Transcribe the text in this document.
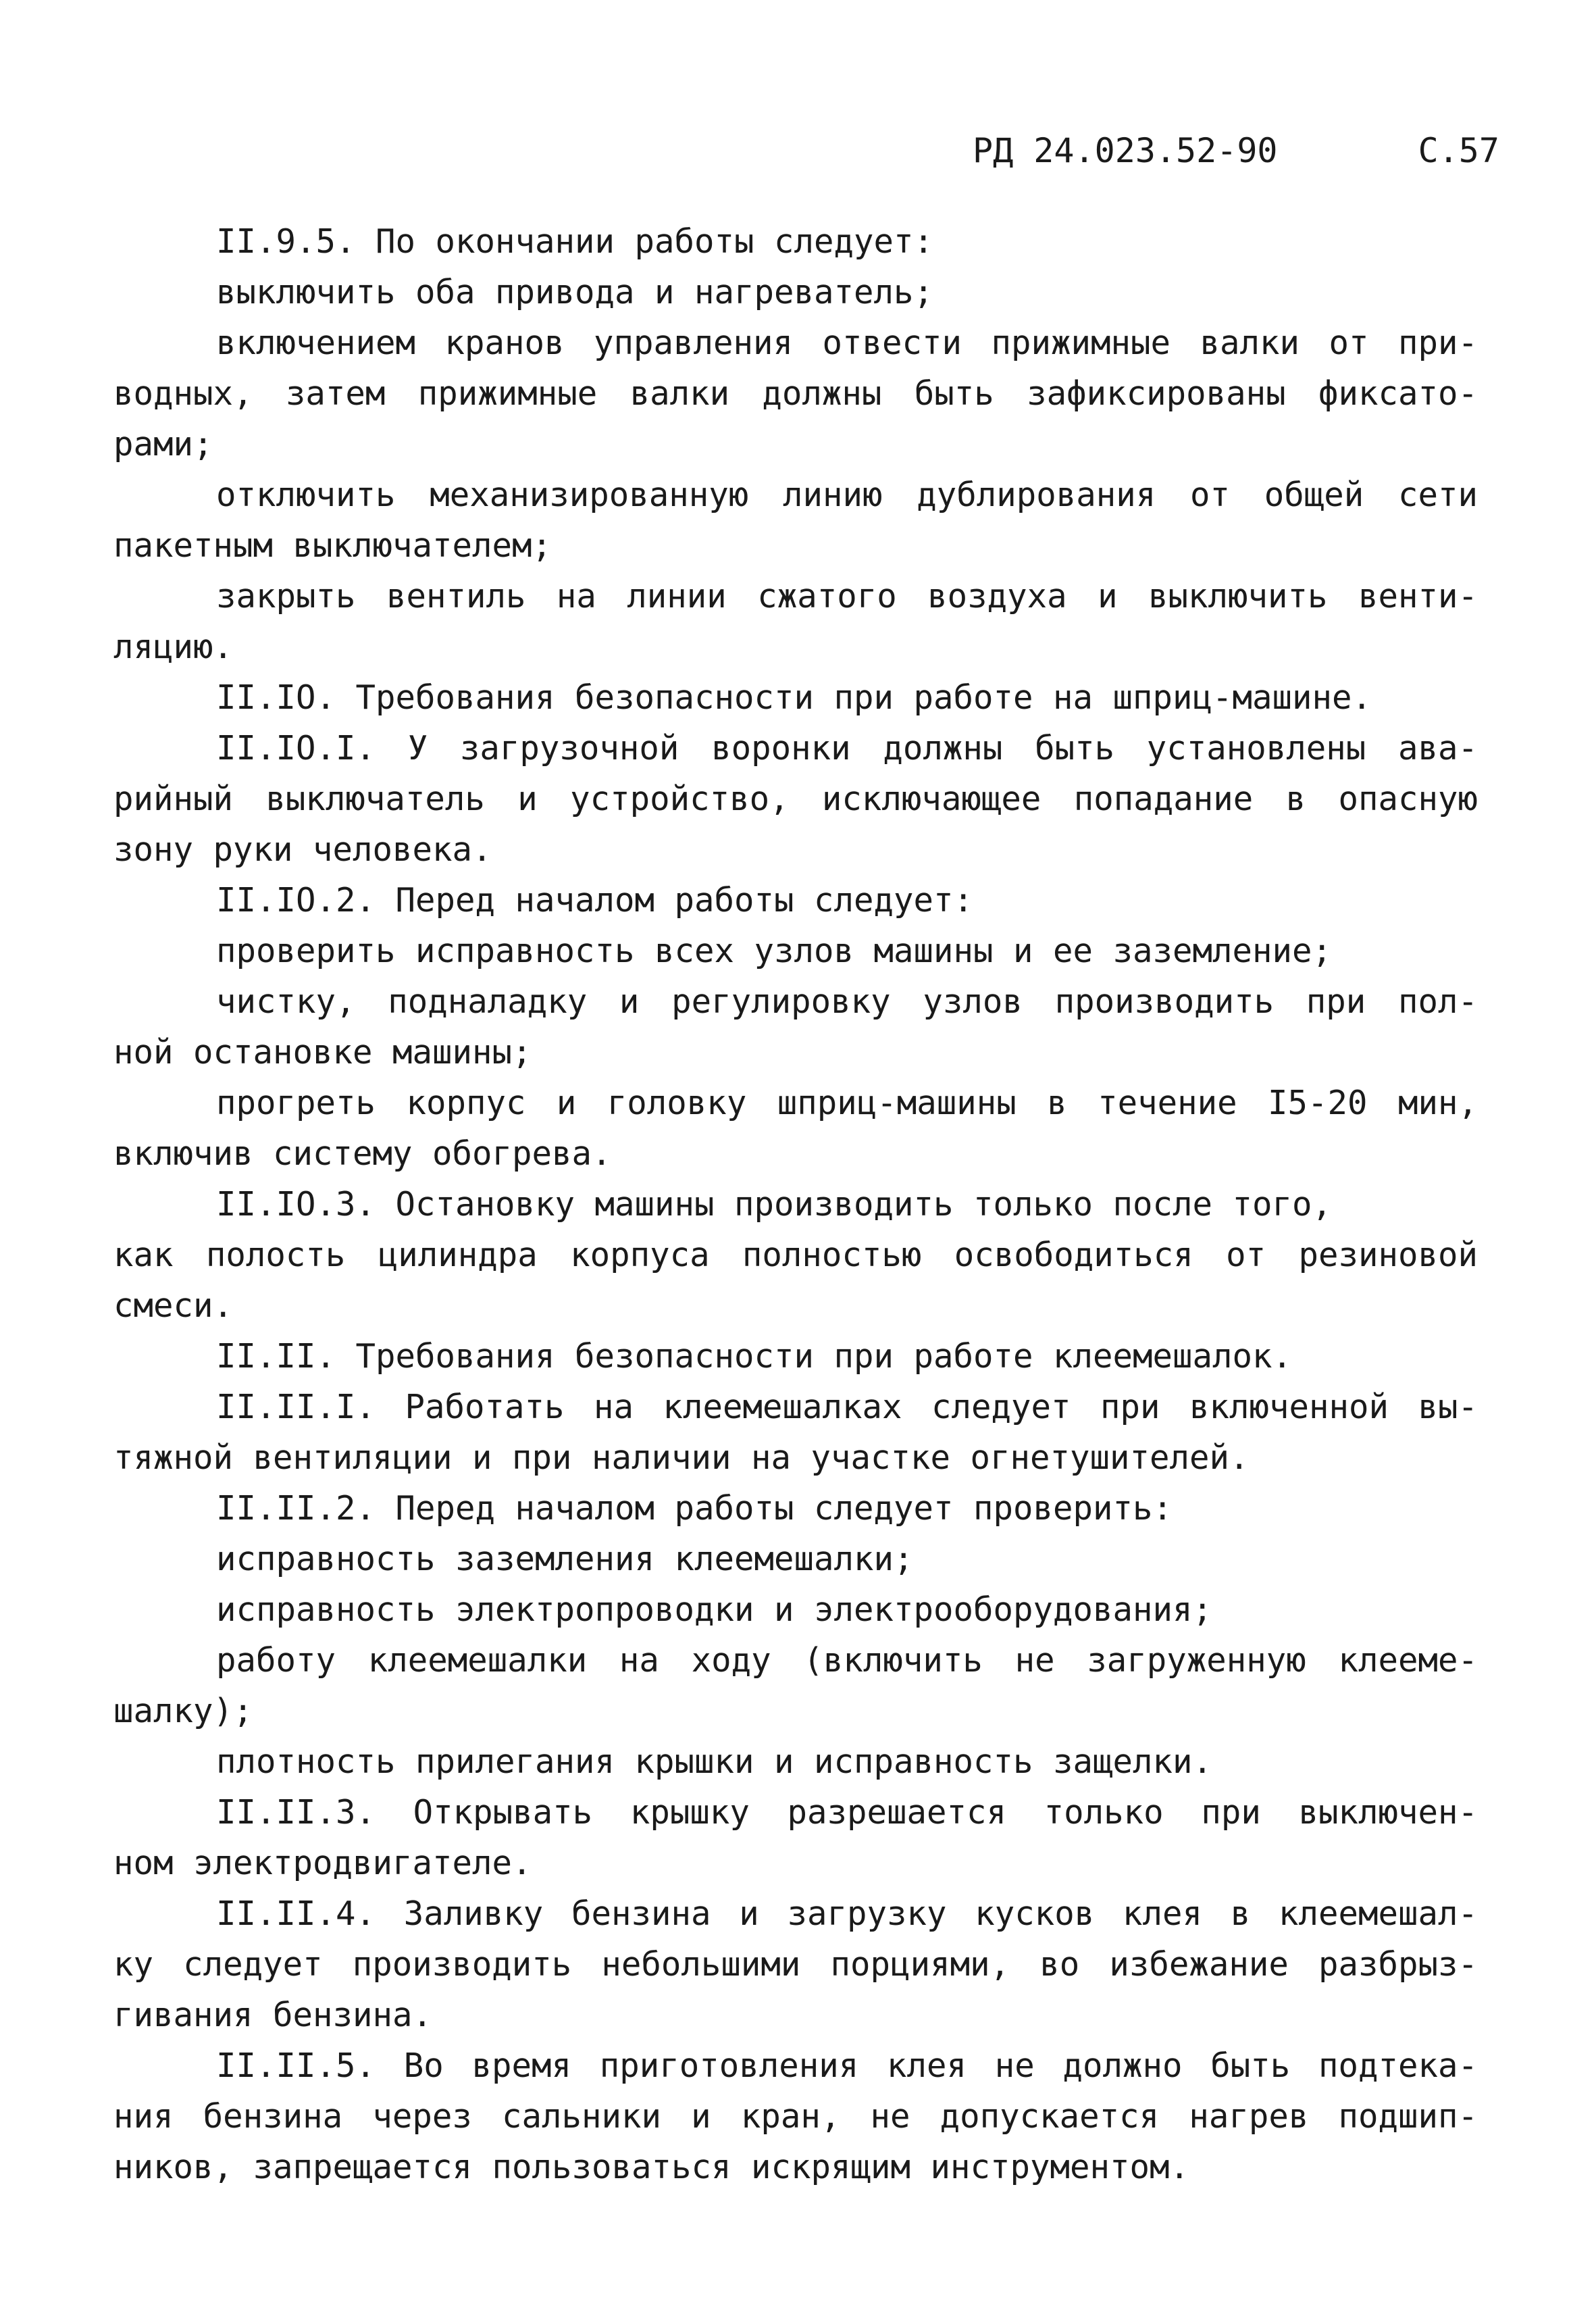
РД 24.023.52-90	С.57
II.9.5. По окончании работы следует:
выключить оба привода и нагреватель;
включением кранов управления отвести прижимные валки от при-
водных, затем прижимные валки должны быть зафиксированы фиксато-
рами;
отключить механизированную линию дублирования от общей сети
пакетным выключателем;
закрыть вентиль на линии сжатого воздуха и выключить венти-
ляцию.
II.IO. Требования безопасности при работе на шприц-машине.
II.IO.I. У загрузочной воронки должны быть установлены ава-
рийный выключатель и устройство, исключающее попадание в опасную
зону руки человека.
II.IO.2. Перед началом работы следует:
проверить исправность всех узлов машины и ее заземление;
чистку, подналадку и регулировку узлов производить при пол-
ной остановке машины;
прогреть корпус и головку шприц-машины в течение I5-20 мин,
включив систему обогрева.
II.IO.3. Остановку машины производить только после того,
как полость цилиндра корпуса полностью освободиться от резиновой
смеси.
II.II. Требования безопасности при работе клеемешалок.
II.II.I. Работать на клеемешалках следует при включенной вы-
тяжной вентиляции и при наличии на участке огнетушителей.
II.II.2. Перед началом работы следует проверить:
исправность заземления клеемешалки;
исправность электропроводки и электрооборудования;
работу клеемешалки на ходу (включить не загруженную клееме-
шалку);
плотность прилегания крышки и исправность защелки.
II.II.3. Открывать крышку разрешается только при выключен-
ном электродвигателе.
II.II.4. Заливку бензина и загрузку кусков клея в клеемешал-
ку следует производить небольшими порциями, во избежание разбрыз-
гивания бензина.
II.II.5. Во время приготовления клея не должно быть подтека-
ния бензина через сальники и кран, не допускается нагрев подшип-
ников, запрещается пользоваться искрящим инструментом.
